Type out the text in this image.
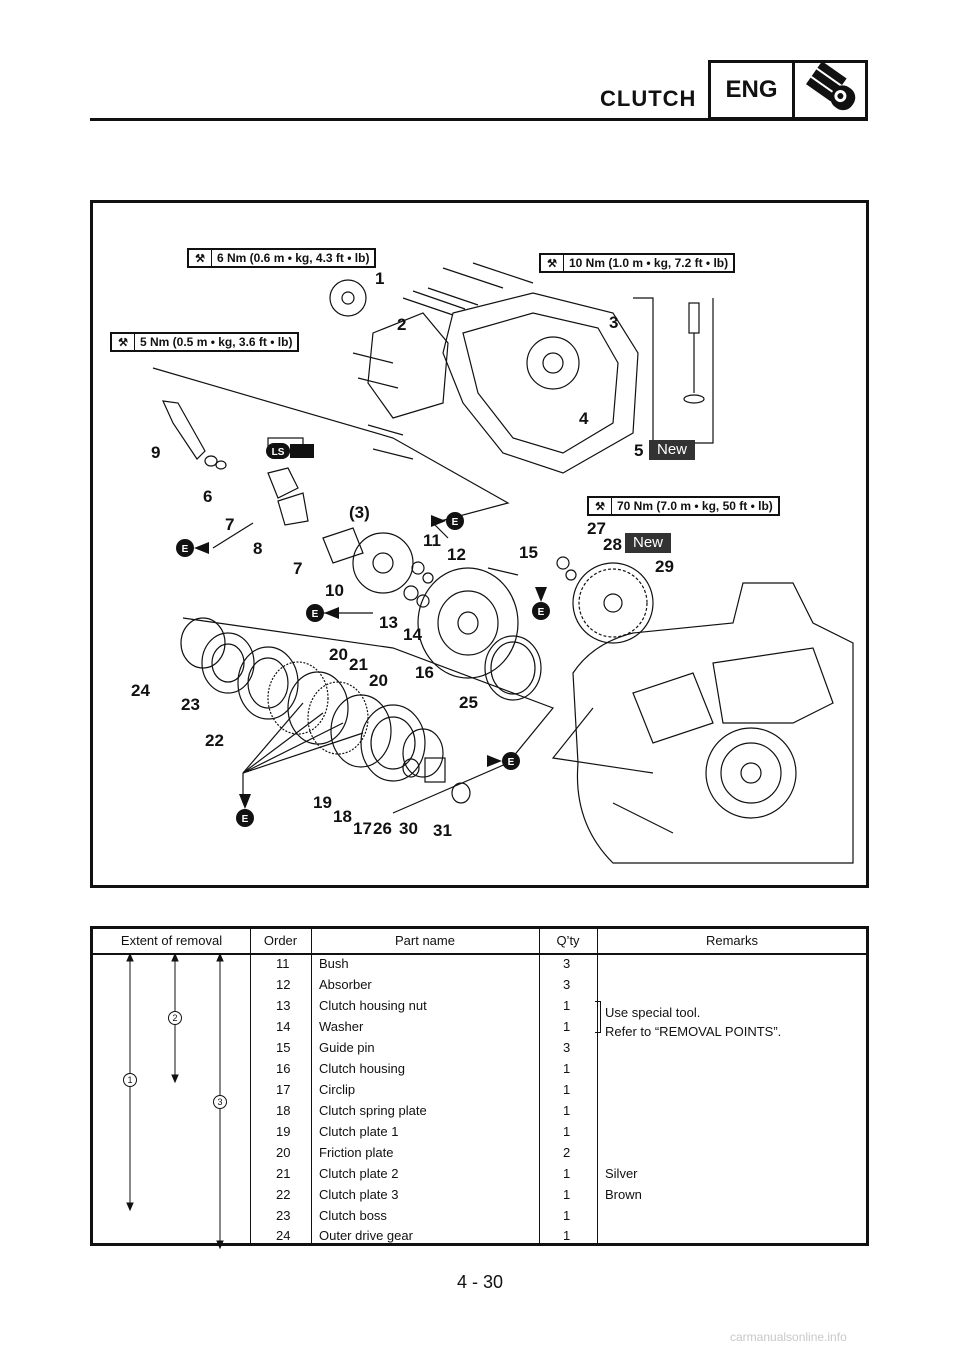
CLUTCH	ENG
E
E
E
E
E
E
LS
⚒	6 Nm (0.6 m • kg, 4.3 ft • lb)	⚒	10 Nm (1.0 m • kg, 7.2 ft • lb)
⚒	5 Nm (0.5 m • kg, 3.6 ft • lb)
⚒	70 Nm (7.0 m • kg, 50 ft • lb)
New
New
1
2	3
4
5
6
7
7
8
9
10
11
12
13
14
15
16
17
18
19
20
20
21
22
23
24
25
26
27
28
29
30 31
(3)
Extent of removal	Order	Part name	Q’ty	Remarks
1
2
3
11 Bush	3
12 Absorber	3
13 Clutch housing nut	1	Use special tool.
14 Washer	1	Refer to “REMOVAL POINTS”.
15 Guide pin	3
16 Clutch housing	1
17 Circlip	1
18 Clutch spring plate	1
19 Clutch plate 1	1
20 Friction plate	2
21 Clutch plate 2	1	Silver
22 Clutch plate 3	1	Brown
23 Clutch boss	1
24 Outer drive gear	1
4 - 30
carmanualsonline.info
